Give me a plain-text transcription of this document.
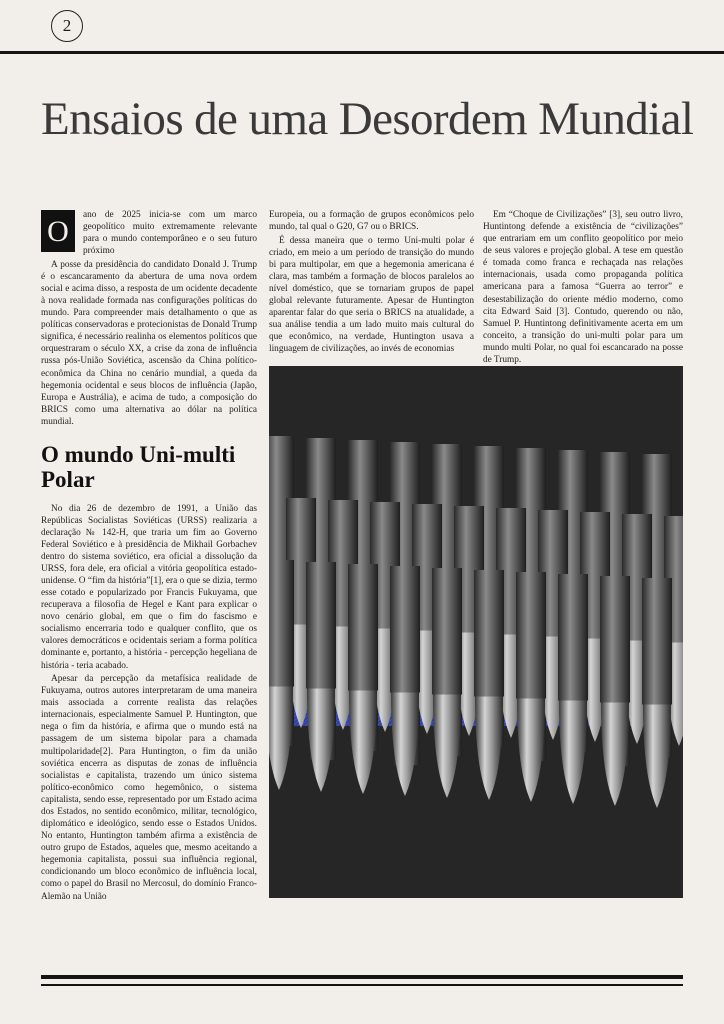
2
Ensaios de uma Desordem Mundial
O	ano de 2025 inicia-se com um marco geopolítico muito extremamente relevante para o mundo contemporâneo e o seu futuro próximo

A posse da presidência do candidato Donald J. Trump é o escancaramento da abertura de uma nova ordem social e acima disso, a resposta de um ocidente decadente à nova realidade formada nas configurações políticas do mundo. Para compreender mais detalhamento o que as políticas conservadoras e protecionistas de Donald Trump significa, é necessário realinha os elementos políticos que orquestraram o século XX, a crise da zona de influência russa pós-União Soviética, ascensão da China político-econômica da China no cenário mundial, a queda da hegemonia ocidental e seus blocos de influência (Japão, Europa e Austrália), e acima de tudo, a composição do BRICS como uma alternativa ao dólar na política mundial.

O mundo Uni-multi Polar

No dia 26 de dezembro de 1991, a União das Repúblicas Socialistas Soviéticas (URSS) realizaria a declaração № 142-H, que traria um fim ao Governo Federal Soviético e à presidência de Mikhail Gorbachev dentro do sistema soviético, era oficial a dissolução da URSS, fora dele, era oficial a vitória geopolítica estado-unidense. O “fim da história”[1], era o que se dizia, termo esse cotado e popularizado por Francis Fukuyama, que recuperava a filosofia de Hegel e Kant para explicar o novo cenário global, em que o fim do fascismo e socialismo encerraria todo e qualquer conflito, que os valores democráticos e ocidentais seriam a forma política dominante e, portanto, a história - percepção hegeliana de história - teria acabado.

Apesar da percepção da metafísica realidade de Fukuyama, outros autores interpretaram de uma maneira mais associada a corrente realista das relações internacionais, especialmente Samuel P. Huntington, que nega o fim da história, e afirma que o mundo está na passagem de um sistema bipolar para a chamada multipolaridade[2]. Para Huntington, o fim da união soviética encerra as disputas de zonas de influência socialistas e capitalista, trazendo um único sistema político-econômico como hegemônico, o sistema capitalista, sendo esse, representado por um Estado acima dos Estados, no sentido econômico, militar, tecnológico, diplomático e ideológico, sendo esse o Estados Unidos. No entanto, Huntington também afirma a existência de outro grupo de Estados, aqueles que, mesmo aceitando a hegemonia capitalista, possui sua influência regional, condicionando um bloco econômico de influência local, como o papel do Brasil no Mercosul, do domínio Franco-Alemão na União

Europeia, ou a formação de grupos econômicos pelo mundo, tal qual o G20, G7 ou o BRICS.

É dessa maneira que o termo Uni-multi polar é criado, em meio a um período de transição do mundo bi para multipolar, em que a hegemonia americana é clara, mas também a formação de blocos paralelos ao nível doméstico, que se tornariam grupos de papel global relevante futuramente. Apesar de Huntington aparentar falar do que seria o BRICS na atualidade, a sua análise tendia a um lado muito mais cultural do que econômico, na verdade, Huntington usava a linguagem de civilizações, ao invés de economias

Em “Choque de Civilizações” [3], seu outro livro, Huntintong defende a existência de “civilizações” que entrariam em um conflito geopolítico por meio de seus valores e projeção global. A tese em questão é tomada como franca e rechaçada nas relações internacionais, usada como propaganda política americana para a famosa “Guerra ao terror” e desestabilização do oriente médio moderno, como cita Edward Said [3]. Contudo, querendo ou não, Samuel P. Huntintong definitivamente acerta em um conceito, a transição do uni-multi polar para um mundo multi Polar, no qual foi escancarado na posse de Trump.
